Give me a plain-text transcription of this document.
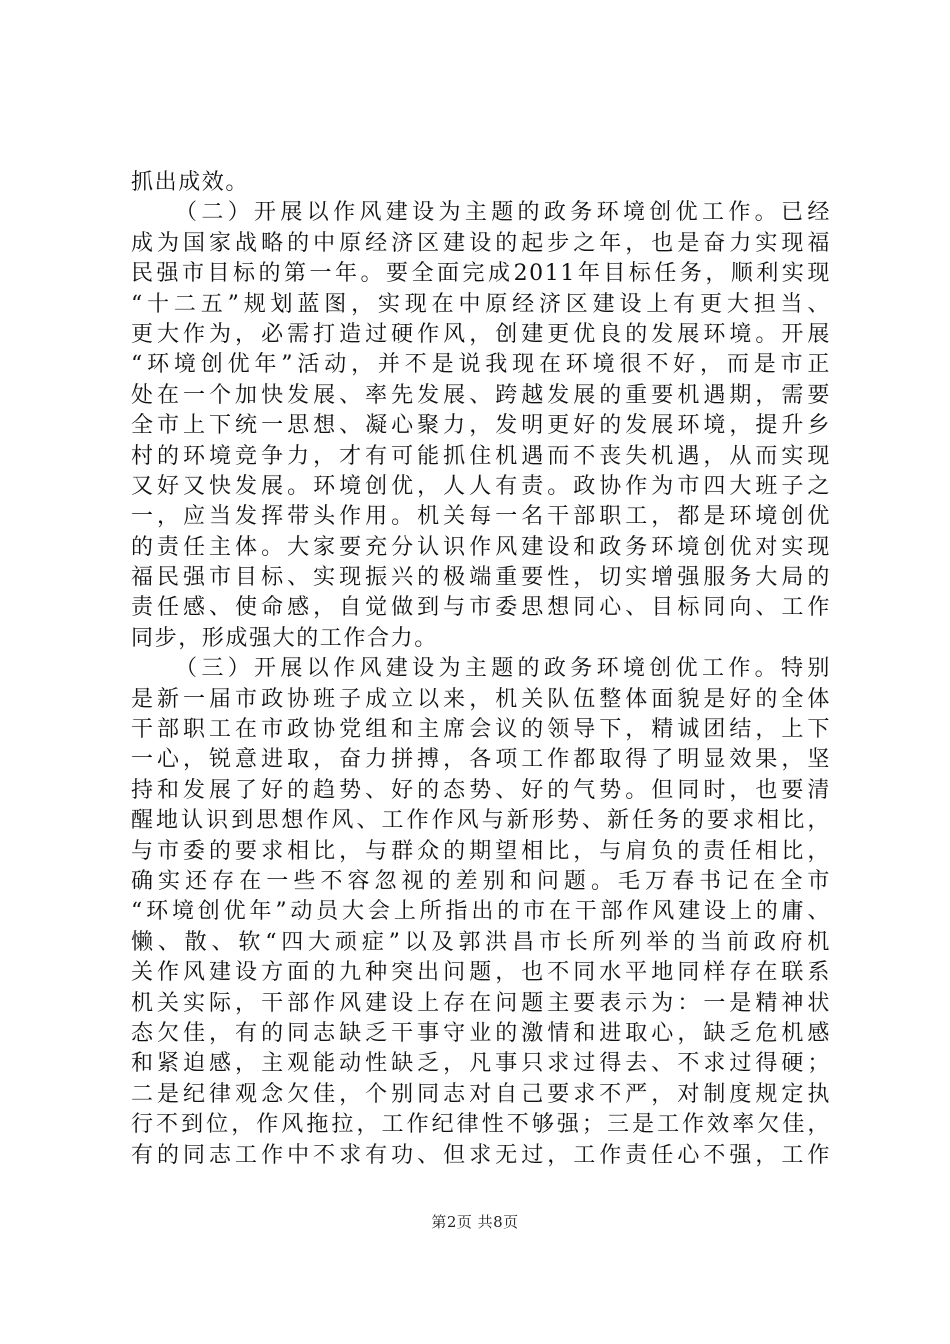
抓出成效。
（二）开展以作风建设为主题的政务环境创优工作。已经
成为国家战略的中原经济区建设的起步之年，也是奋力实现福
民强市目标的第一年。要全面完成2011年目标任务，顺利实现
“十二五”规划蓝图，实现在中原经济区建设上有更大担当、
更大作为，必需打造过硬作风，创建更优良的发展环境。开展
“环境创优年”活动，并不是说我现在环境很不好，而是市正
处在一个加快发展、率先发展、跨越发展的重要机遇期，需要
全市上下统一思想、凝心聚力，发明更好的发展环境，提升乡
村的环境竞争力，才有可能抓住机遇而不丧失机遇，从而实现
又好又快发展。环境创优，人人有责。政协作为市四大班子之
一，应当发挥带头作用。机关每一名干部职工，都是环境创优
的责任主体。大家要充分认识作风建设和政务环境创优对实现
福民强市目标、实现振兴的极端重要性，切实增强服务大局的
责任感、使命感，自觉做到与市委思想同心、目标同向、工作
同步，形成强大的工作合力。
（三）开展以作风建设为主题的政务环境创优工作。特别
是新一届市政协班子成立以来，机关队伍整体面貌是好的全体
干部职工在市政协党组和主席会议的领导下，精诚团结，上下
一心，锐意进取，奋力拼搏，各项工作都取得了明显效果，坚
持和发展了好的趋势、好的态势、好的气势。但同时，也要清
醒地认识到思想作风、工作作风与新形势、新任务的要求相比，
与市委的要求相比，与群众的期望相比，与肩负的责任相比，
确实还存在一些不容忽视的差别和问题。毛万春书记在全市
“环境创优年”动员大会上所指出的市在干部作风建设上的庸、
懒、散、软“四大顽症”以及郭洪昌市长所列举的当前政府机
关作风建设方面的九种突出问题，也不同水平地同样存在联系
机关实际，干部作风建设上存在问题主要表示为：一是精神状
态欠佳，有的同志缺乏干事守业的激情和进取心，缺乏危机感
和紧迫感，主观能动性缺乏，凡事只求过得去、不求过得硬；
二是纪律观念欠佳，个别同志对自己要求不严，对制度规定执
行不到位，作风拖拉，工作纪律性不够强；三是工作效率欠佳，
有的同志工作中不求有功、但求无过，工作责任心不强，工作
第2页 共8页
